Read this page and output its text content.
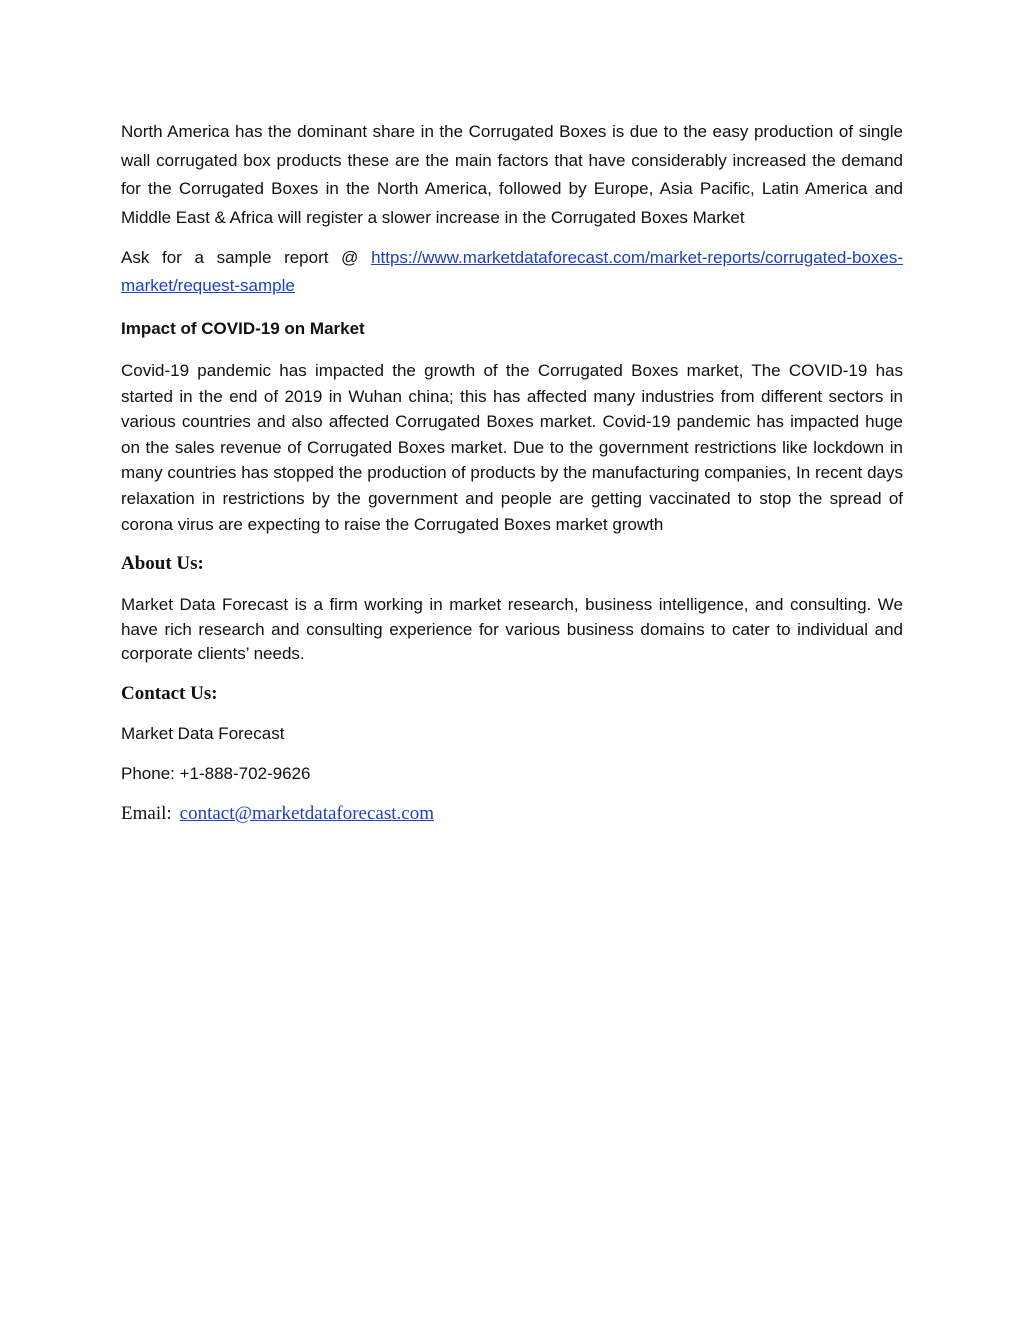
North America has the dominant share in the Corrugated Boxes is due to the easy production of single wall corrugated box products these are the main factors that have considerably increased the demand for the Corrugated Boxes in the North America, followed by Europe, Asia Pacific, Latin America and Middle East & Africa will register a slower increase in the Corrugated Boxes Market

Ask for a sample report @ https://www.marketdataforecast.com/market-reports/corrugated-boxes-market/request-sample

Impact of COVID-19 on Market

Covid-19 pandemic has impacted the growth of the Corrugated Boxes market, The COVID-19 has started in the end of 2019 in Wuhan china; this has affected many industries from different sectors in various countries and also affected Corrugated Boxes market. Covid-19 pandemic has impacted huge on the sales revenue of Corrugated Boxes market. Due to the government restrictions like lockdown in many countries has stopped the production of products by the manufacturing companies, In recent days relaxation in restrictions by the government and people are getting vaccinated to stop the spread of corona virus are expecting to raise the Corrugated Boxes market growth

About Us:

Market Data Forecast is a firm working in market research, business intelligence, and consulting. We have rich research and consulting experience for various business domains to cater to individual and corporate clients’ needs.

Contact Us:

Market Data Forecast

Phone: +1-888-702-9626

Email: contact@marketdataforecast.com
